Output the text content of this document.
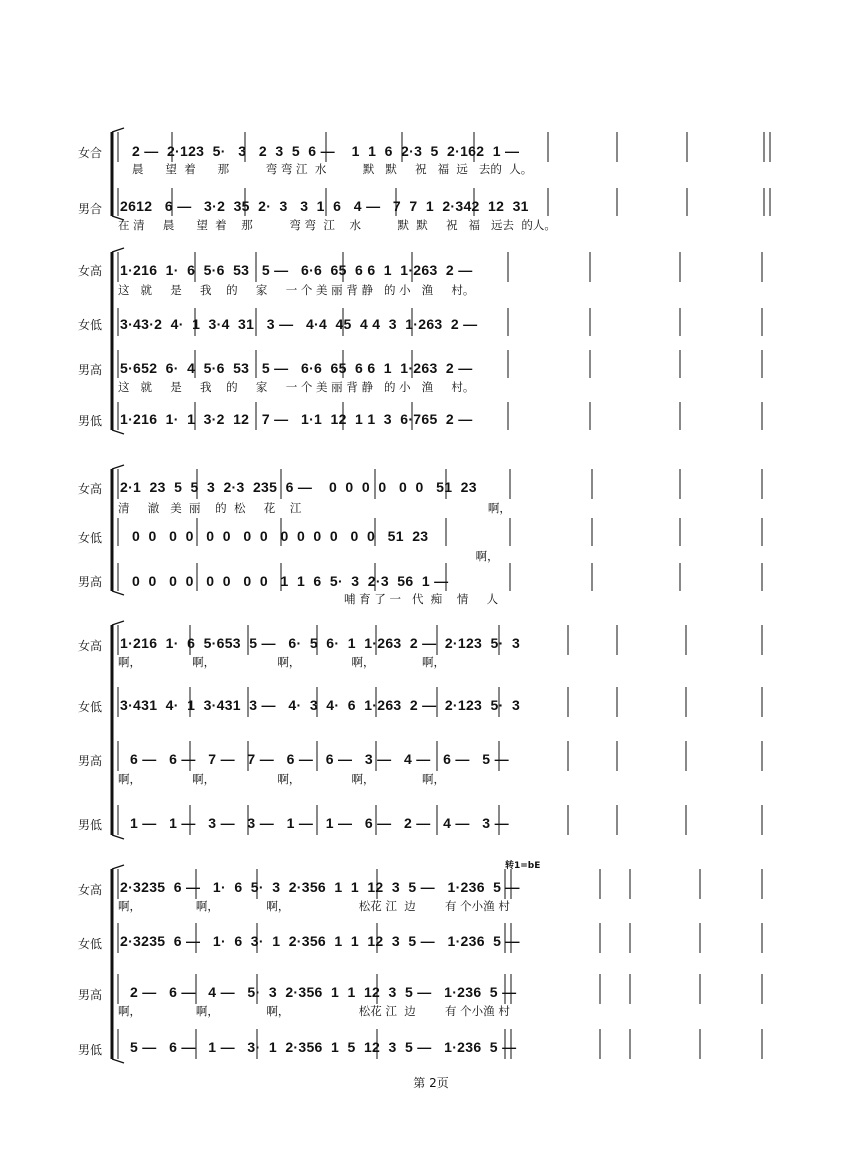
女合 2 —  2·123  5·   3   2  3  5  6 —    1  1  6  2·3  5  2·162  1 —
晨      望  着      那          弯 弯 江  水          默   默     祝   福  远   去的  人。
男合 2612   6 —   3·2  35  2·  3   3  1  6   4 —   7  7  1  2·342  12  31
在 清     晨      望  着    那          弯 弯  江    水          默  默     祝   福   远去  的人。
女高 1·216  1·  6  5·6  53   5 —   6·6  65  6 6  1  1·263  2 —
这   就     是     我    的     家     一 个 美 丽 背 静   的 小   渔     村。
女低 3·43·2  4·  1  3·4  31   3 —   4·4  45  4 4  3  1·263  2 —
男高 5·652  6·  4  5·6  53   5 —   6·6  65  6 6  1  1·263  2 —
这   就     是     我    的     家     一 个 美 丽 背 静   的 小   渔     村。
男低 1·216  1·  1  3·2  12   7 —   1·1  12  1 1  3  6·765  2 —
女高 2·1  23  5  5  3  2·3  235  6 —    0  0  0  0   0  0   51  23
清     澈   美  丽    的  松     花    江                                                   啊，
女低 0  0   0  0   0  0   0  0   0  0  0  0   0  0   51  23
啊，
男高 0  0   0  0   0  0   0  0   1  1  6  5·  3  2·3  56  1 —
哺 育 了 一   代  痴    情     人
女高 1·216  1·  6  5·653  5 —   6·  5  6·  1  1·263  2 —  2·123  5·  3
啊，              啊，                 啊，              啊，             啊，
女低 3·431  4·  1  3·431  3 —   4·  3  4·  6  1·263  2 —  2·123  5·  3
男高 6 —   6 —   7 —   7 —   6 —   6 —   3 —   4 —   6 —   5 —
啊，              啊，                 啊，              啊，             啊，
男低 1 —   1 —   3 —   3 —   1 —   1 —   6 —   2 —   4 —   3 —
转1=bE
女高 2·3235  6 —   1·  6  5·  3  2·356  1  1  12  3  5 —   1·236  5 —
啊，               啊，             啊，                   松花 江  边        有 个小渔 村
女低 2·3235  6 —   1·  6  3·  1  2·356  1  1  12  3  5 —   1·236  5 —
男高 2 —   6 —   4 —   5·  3  2·356  1  1  12  3  5 —   1·236  5 —
啊，               啊，             啊，                   松花 江  边        有 个小渔 村
男低 5 —   6 —   1 —   3·  1  2·356  1  5  12  3  5 —   1·236  5 —
第 2页
